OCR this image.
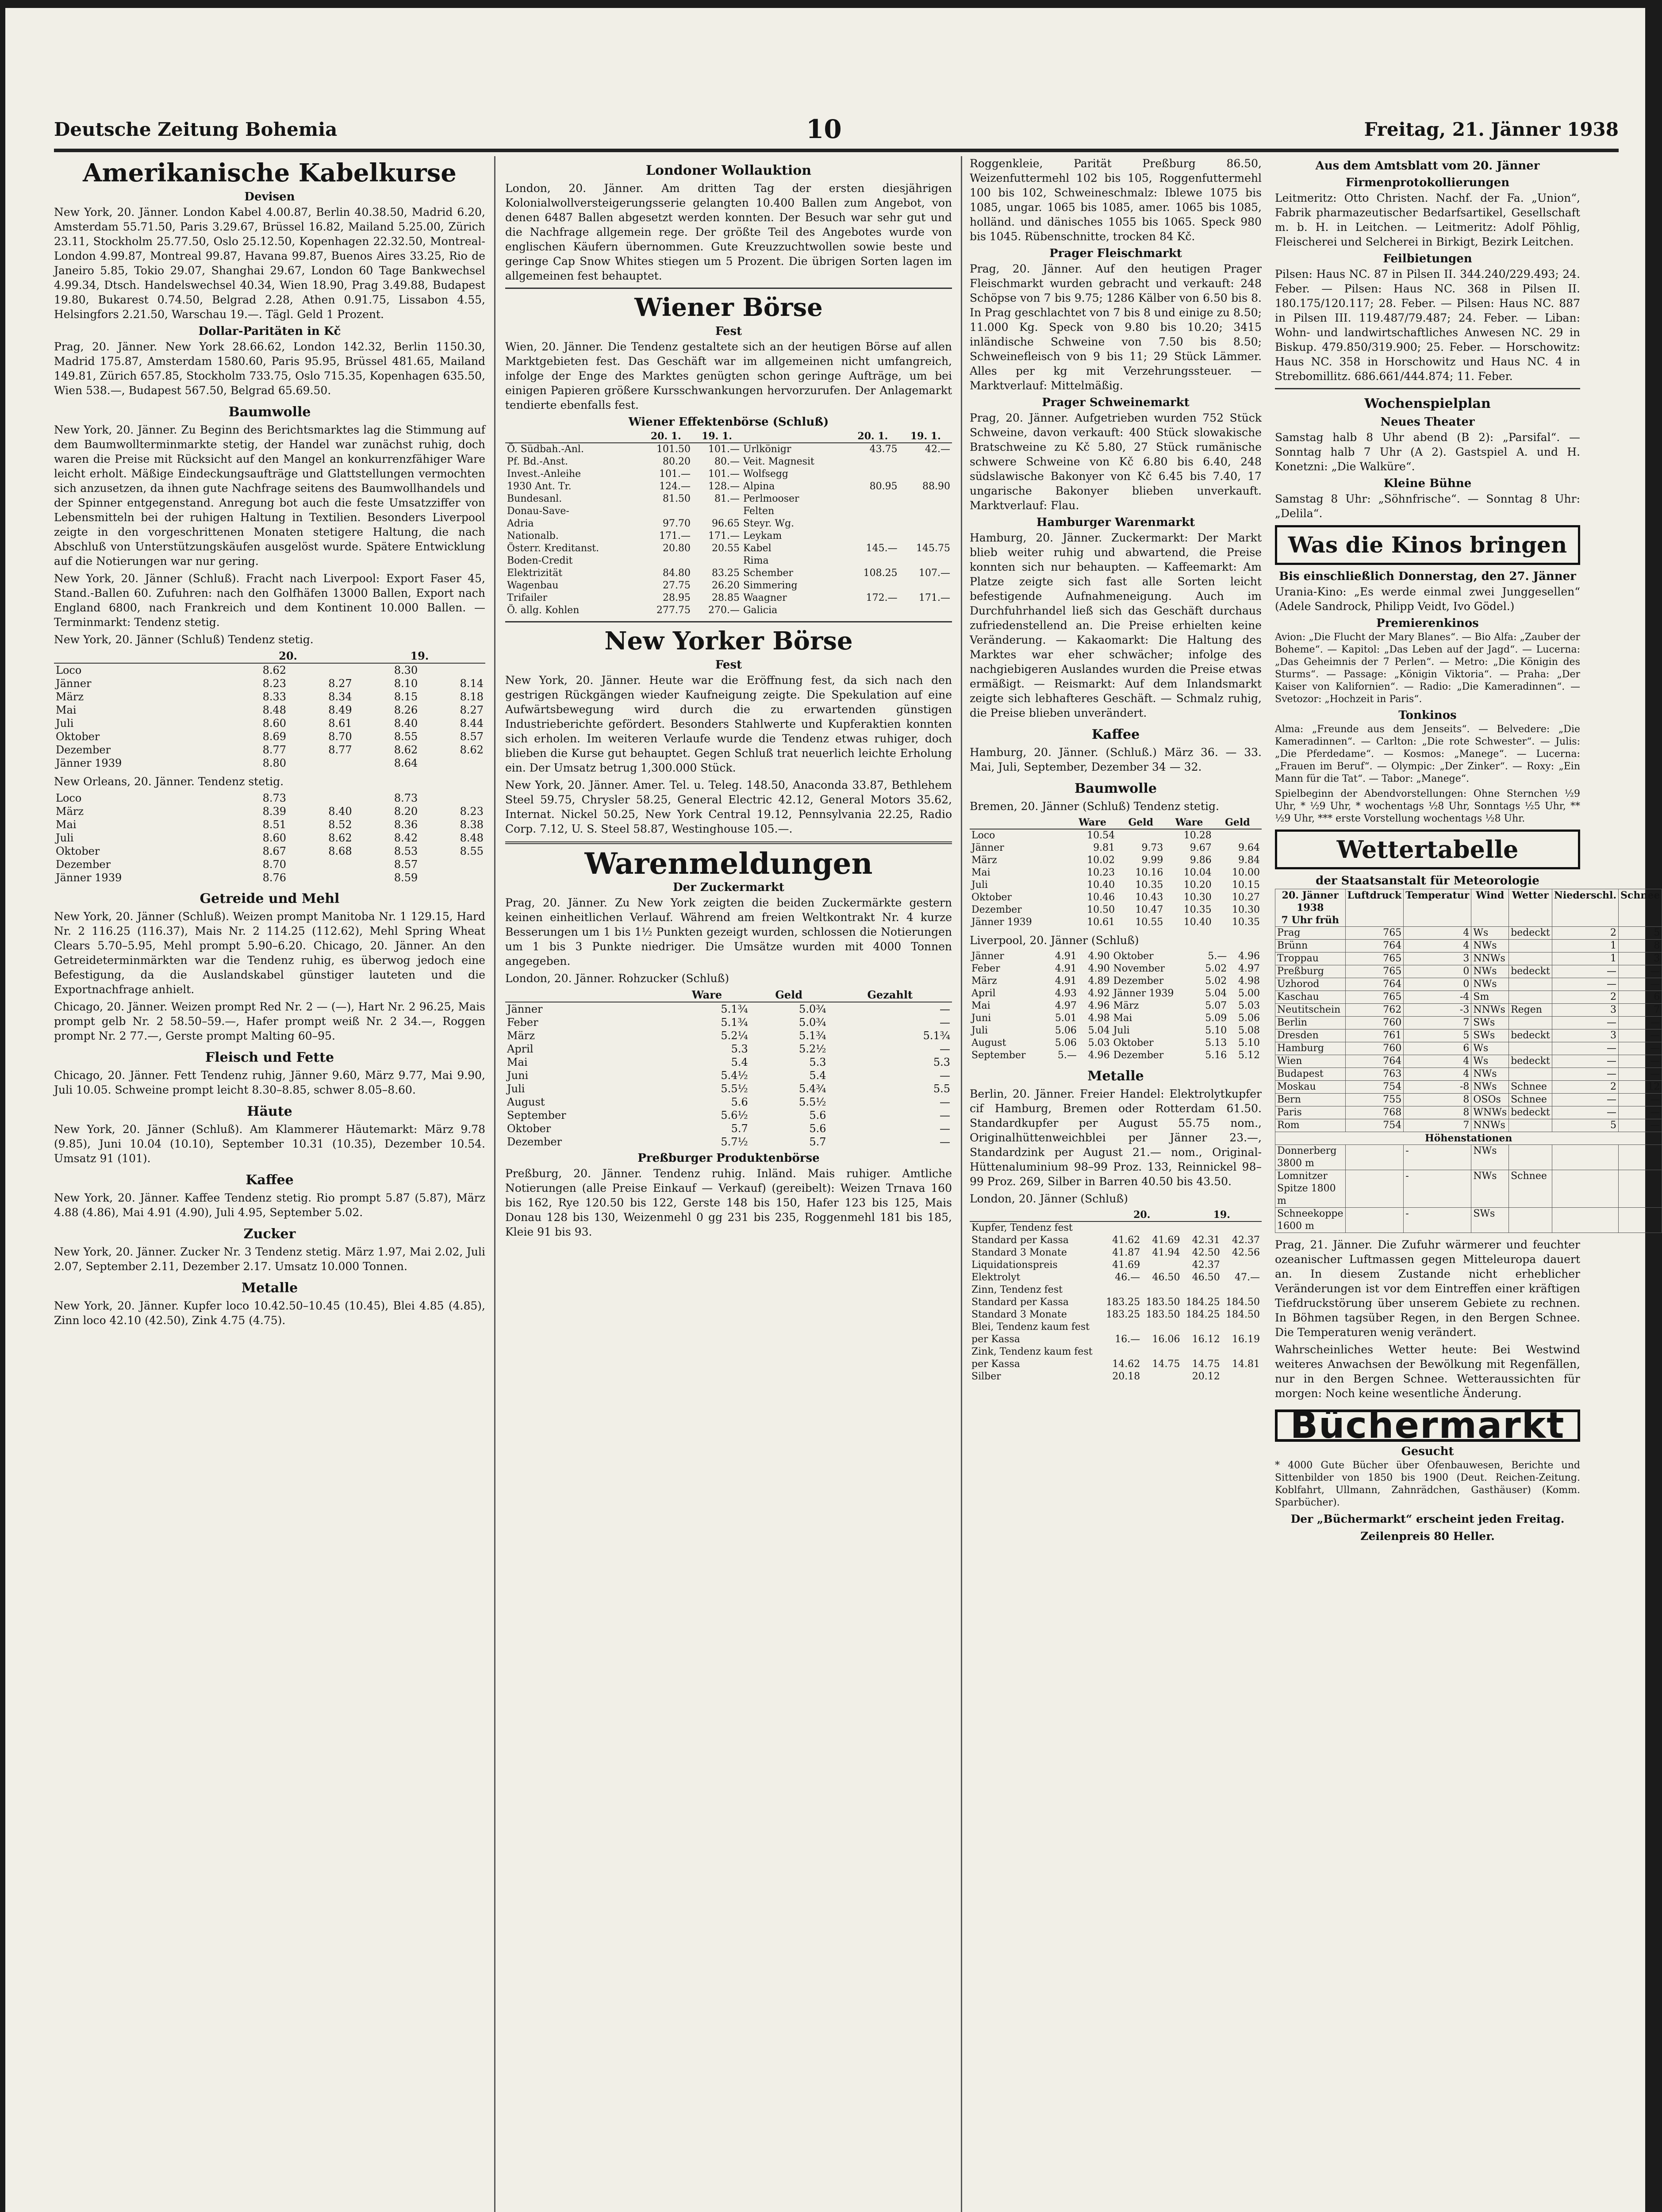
Deutsche Zeitung Bohemia	10	Freitag, 21. Jänner 1938
Amerikanische Kabelkurse
Devisen

New York, 20. Jänner. London Kabel 4.00.87, Berlin 40.38.50, Madrid 6.20, Amsterdam 55.71.50, Paris 3.29.67, Brüssel 16.82, Mailand 5.25.00, Zürich 23.11, Stockholm 25.77.50, Oslo 25.12.50, Kopenhagen 22.32.50, Montreal-London 4.99.87, Montreal 99.87, Havana 99.87, Buenos Aires 33.25, Rio de Janeiro 5.85, Tokio 29.07, Shanghai 29.67, London 60 Tage Bankwechsel 4.99.34, Dtsch. Handelswechsel 40.34, Wien 18.90, Prag 3.49.88, Budapest 19.80, Bukarest 0.74.50, Belgrad 2.28, Athen 0.91.75, Lissabon 4.55, Helsingfors 2.21.50, Warschau 19.—. Tägl. Geld 1 Prozent.

Dollar-Paritäten in Kč

Prag, 20. Jänner. New York 28.66.62, London 142.32, Berlin 1150.30, Madrid 175.87, Amsterdam 1580.60, Paris 95.95, Brüssel 481.65, Mailand 149.81, Zürich 657.85, Stockholm 733.75, Oslo 715.35, Kopenhagen 635.50, Wien 538.—, Budapest 567.50, Belgrad 65.69.50.

Baumwolle

New York, 20. Jänner. Zu Beginn des Berichtsmarktes lag die Stimmung auf dem Baumwollterminmarkte stetig, der Handel war zunächst ruhig, doch waren die Preise mit Rücksicht auf den Mangel an konkurrenzfähiger Ware leicht erholt. Mäßige Eindeckungsaufträge und Glattstellungen vermochten sich anzusetzen, da ihnen gute Nachfrage seitens des Baumwollhandels und der Spinner entgegenstand. Anregung bot auch die feste Umsatzziffer von Lebensmitteln bei der ruhigen Haltung in Textilien. Besonders Liverpool zeigte in den vorgeschrittenen Monaten stetigere Haltung, die nach Abschluß von Unterstützungskäufen ausgelöst wurde. Spätere Entwicklung auf die Notierungen war nur gering.

New York, 20. Jänner (Schluß). Fracht nach Liverpool: Export Faser 45, Stand.-Ballen 60. Zufuhren: nach den Golfhäfen 13000 Ballen, Export nach England 6800, nach Frankreich und dem Kontinent 10.000 Ballen. — Terminmarkt: Tendenz stetig.

New York, 20. Jänner (Schluß) Tendenz stetig.

	20.		19.	
Loco	8.62		8.30	
Jänner	8.23	8.27	8.10	8.14
März	8.33	8.34	8.15	8.18
Mai	8.48	8.49	8.26	8.27
Juli	8.60	8.61	8.40	8.44
Oktober	8.69	8.70	8.55	8.57
Dezember	8.77	8.77	8.62	8.62
Jänner 1939	8.80		8.64	

New Orleans, 20. Jänner. Tendenz stetig.

Loco	8.73		8.73	
März	8.39	8.40	8.20	8.23
Mai	8.51	8.52	8.36	8.38
Juli	8.60	8.62	8.42	8.48
Oktober	8.67	8.68	8.53	8.55
Dezember	8.70		8.57	
Jänner 1939	8.76		8.59	
Getreide und Mehl

New York, 20. Jänner (Schluß). Weizen prompt Manitoba Nr. 1 129.15, Hard Nr. 2 116.25 (116.37), Mais Nr. 2 114.25 (112.62), Mehl Spring Wheat Clears 5.70–5.95, Mehl prompt 5.90–6.20. Chicago, 20. Jänner. An den Getreideterminmärkten war die Tendenz ruhig, es überwog jedoch eine Befestigung, da die Auslandskabel günstiger lauteten und die Exportnachfrage anhielt.

Chicago, 20. Jänner. Weizen prompt Red Nr. 2 — (—), Hart Nr. 2 96.25, Mais prompt gelb Nr. 2 58.50–59.—, Hafer prompt weiß Nr. 2 34.—, Roggen prompt Nr. 2 77.—, Gerste prompt Malting 60–95.

Fleisch und Fette

Chicago, 20. Jänner. Fett Tendenz ruhig, Jänner 9.60, März 9.77, Mai 9.90, Juli 10.05. Schweine prompt leicht 8.30–8.85, schwer 8.05–8.60.

Häute

New York, 20. Jänner (Schluß). Am Klammerer Häutemarkt: März 9.78 (9.85), Juni 10.04 (10.10), September 10.31 (10.35), Dezember 10.54. Umsatz 91 (101).

Kaffee

New York, 20. Jänner. Kaffee Tendenz stetig. Rio prompt 5.87 (5.87), März 4.88 (4.86), Mai 4.91 (4.90), Juli 4.95, September 5.02.

Zucker

New York, 20. Jänner. Zucker Nr. 3 Tendenz stetig. März 1.97, Mai 2.02, Juli 2.07, September 2.11, Dezember 2.17. Umsatz 10.000 Tonnen.

Metalle

New York, 20. Jänner. Kupfer loco 10.42.50–10.45 (10.45), Blei 4.85 (4.85), Zinn loco 42.10 (42.50), Zink 4.75 (4.75).

Londoner Wollauktion

London, 20. Jänner. Am dritten Tag der ersten diesjährigen Kolonialwollversteigerungsserie gelangten 10.400 Ballen zum Angebot, von denen 6487 Ballen abgesetzt werden konnten. Der Besuch war sehr gut und die Nachfrage allgemein rege. Der größte Teil des Angebotes wurde von englischen Käufern übernommen. Gute Kreuzzuchtwollen sowie beste und geringe Cap Snow Whites stiegen um 5 Prozent. Die übrigen Sorten lagen im allgemeinen fest behauptet.

Wiener Börse
Fest

Wien, 20. Jänner. Die Tendenz gestaltete sich an der heutigen Börse auf allen Marktgebieten fest. Das Geschäft war im allgemeinen nicht umfangreich, infolge der Enge des Marktes genügten schon geringe Aufträge, um bei einigen Papieren größere Kursschwankungen hervorzurufen. Der Anlagemarkt tendierte ebenfalls fest.

Wiener Effektenbörse (Schluß)
	20. 1.	19. 1.		20. 1.	19. 1.
Ö. Südbah.-Anl.	101.50	101.—	Urlkönigr	43.75	42.—
Pf. Bd.-Anst.	80.20	80.—	Veit. Magnesit		
Invest.-Anleihe	101.—	101.—	Wolfsegg		
1930 Ant. Tr.	124.—	128.—	Alpina	80.95	88.90
Bundesanl.	81.50	81.—	Perlmooser		
Donau-Save-			Felten		
Adria	97.70	96.65	Steyr. Wg.		
Nationalb.	171.—	171.—	Leykam		
Österr. Kreditanst.	20.80	20.55	Kabel	145.—	145.75
Boden-Credit			Rima		
Elektrizität	84.80	83.25	Schember	108.25	107.—
Wagenbau	27.75	26.20	Simmering		
Trifailer	28.95	28.85	Waagner	172.—	171.—
Ö. allg. Kohlen	277.75	270.—	Galicia		
New Yorker Börse
Fest

New York, 20. Jänner. Heute war die Eröffnung fest, da sich nach den gestrigen Rückgängen wieder Kaufneigung zeigte. Die Spekulation auf eine Aufwärtsbewegung wird durch die zu erwartenden günstigen Industrieberichte gefördert. Besonders Stahlwerte und Kupferaktien konnten sich erholen. Im weiteren Verlaufe wurde die Tendenz etwas ruhiger, doch blieben die Kurse gut behauptet. Gegen Schluß trat neuerlich leichte Erholung ein. Der Umsatz betrug 1,300.000 Stück.

New York, 20. Jänner. Amer. Tel. u. Teleg. 148.50, Anaconda 33.87, Bethlehem Steel 59.75, Chrysler 58.25, General Electric 42.12, General Motors 35.62, Internat. Nickel 50.25, New York Central 19.12, Pennsylvania 22.25, Radio Corp. 7.12, U. S. Steel 58.87, Westinghouse 105.—.

Warenmeldungen
Der Zuckermarkt

Prag, 20. Jänner. Zu New York zeigten die beiden Zuckermärkte gestern keinen einheitlichen Verlauf. Während am freien Weltkontrakt Nr. 4 kurze Besserungen um 1 bis 1½ Punkten gezeigt wurden, schlossen die Notierungen um 1 bis 3 Punkte niedriger. Die Umsätze wurden mit 4000 Tonnen angegeben.

London, 20. Jänner. Rohzucker (Schluß)

	Ware	Geld	Gezahlt
Jänner	5.1¾	5.0¾	—
Feber	5.1¾	5.0¾	—
März	5.2¼	5.1¾	5.1¾
April	5.3	5.2½	—
Mai	5.4	5.3	5.3
Juni	5.4½	5.4	—
Juli	5.5½	5.4¾	5.5
August	5.6	5.5½	—
September	5.6½	5.6	—
Oktober	5.7	5.6	—
Dezember	5.7½	5.7	—
Preßburger Produktenbörse

Preßburg, 20. Jänner. Tendenz ruhig. Inländ. Mais ruhiger. Amtliche Notierungen (alle Preise Einkauf — Verkauf) (gereibelt): Weizen Trnava 160 bis 162, Rye 120.50 bis 122, Gerste 148 bis 150, Hafer 123 bis 125, Mais Donau 128 bis 130, Weizenmehl 0 gg 231 bis 235, Roggenmehl 181 bis 185, Kleie 91 bis 93.

Roggenkleie, Parität Preßburg 86.50, Weizenfuttermehl 102 bis 105, Roggenfuttermehl 100 bis 102, Schweineschmalz: Iblewe 1075 bis 1085, ungar. 1065 bis 1085, amer. 1065 bis 1085, holländ. und dänisches 1055 bis 1065. Speck 980 bis 1045. Rübenschnitte, trocken 84 Kč.

Prager Fleischmarkt

Prag, 20. Jänner. Auf den heutigen Prager Fleischmarkt wurden gebracht und verkauft: 248 Schöpse von 7 bis 9.75; 1286 Kälber von 6.50 bis 8. In Prag geschlachtet von 7 bis 8 und einige zu 8.50; 11.000 Kg. Speck von 9.80 bis 10.20; 3415 inländische Schweine von 7.50 bis 8.50; Schweinefleisch von 9 bis 11; 29 Stück Lämmer. Alles per kg mit Verzehrungssteuer. — Marktverlauf: Mittelmäßig.

Prager Schweinemarkt

Prag, 20. Jänner. Aufgetrieben wurden 752 Stück Schweine, davon verkauft: 400 Stück slowakische Bratschweine zu Kč 5.80, 27 Stück rumänische schwere Schweine von Kč 6.80 bis 6.40, 248 südslawische Bakonyer von Kč 6.45 bis 7.40, 17 ungarische Bakonyer blieben unverkauft. Marktverlauf: Flau.

Hamburger Warenmarkt

Hamburg, 20. Jänner. Zuckermarkt: Der Markt blieb weiter ruhig und abwartend, die Preise konnten sich nur behaupten. — Kaffeemarkt: Am Platze zeigte sich fast alle Sorten leicht befestigende Aufnahmeneigung. Auch im Durchfuhrhandel ließ sich das Geschäft durchaus zufriedenstellend an. Die Preise erhielten keine Veränderung. — Kakaomarkt: Die Haltung des Marktes war eher schwächer; infolge des nachgiebigeren Auslandes wurden die Preise etwas ermäßigt. — Reismarkt: Auf dem Inlandsmarkt zeigte sich lebhafteres Geschäft. — Schmalz ruhig, die Preise blieben unverändert.

Kaffee

Hamburg, 20. Jänner. (Schluß.) März 36. — 33. Mai, Juli, September, Dezember 34 — 32.

Baumwolle

Bremen, 20. Jänner (Schluß) Tendenz stetig.

	Ware	Geld	Ware	Geld
Loco	10.54		10.28	
Jänner	9.81	9.73	9.67	9.64
März	10.02	9.99	9.86	9.84
Mai	10.23	10.16	10.04	10.00
Juli	10.40	10.35	10.20	10.15
Oktober	10.46	10.43	10.30	10.27
Dezember	10.50	10.47	10.35	10.30
Jänner 1939	10.61	10.55	10.40	10.35

Liverpool, 20. Jänner (Schluß)

Jänner	4.91	4.90	Oktober	5.—	4.96
Feber	4.91	4.90	November	5.02	4.97
März	4.91	4.89	Dezember	5.02	4.98
April	4.93	4.92	Jänner 1939	5.04	5.00
Mai	4.97	4.96	März	5.07	5.03
Juni	5.01	4.98	Mai	5.09	5.06
Juli	5.06	5.04	Juli	5.10	5.08
August	5.06	5.03	Oktober	5.13	5.10
September	5.—	4.96	Dezember	5.16	5.12
Metalle

Berlin, 20. Jänner. Freier Handel: Elektrolytkupfer cif Hamburg, Bremen oder Rotterdam 61.50. Standardkupfer per August 55.75 nom., Originalhüttenweichblei per Jänner 23.—, Standardzink per August 21.— nom., Original-Hüttenaluminium 98–99 Proz. 133, Reinnickel 98–99 Proz. 269, Silber in Barren 40.50 bis 43.50.

London, 20. Jänner (Schluß)

	20.		19.	
Kupfer, Tendenz fest				
Standard per Kassa	41.62	41.69	42.31	42.37
Standard 3 Monate	41.87	41.94	42.50	42.56
Liquidationspreis	41.69		42.37	
Elektrolyt	46.—	46.50	46.50	47.—
Zinn, Tendenz fest				
Standard per Kassa	183.25	183.50	184.25	184.50
Standard 3 Monate	183.25	183.50	184.25	184.50
Blei, Tendenz kaum fest				
per Kassa	16.—	16.06	16.12	16.19
Zink, Tendenz kaum fest				
per Kassa	14.62	14.75	14.75	14.81
Silber	20.18		20.12	
Aus dem Amtsblatt vom 20. Jänner
Firmenprotokollierungen

Leitmeritz: Otto Christen. Nachf. der Fa. „Union“, Fabrik pharmazeutischer Bedarfsartikel, Gesellschaft m. b. H. in Leitchen. — Leitmeritz: Adolf Pöhlig, Fleischerei und Selcherei in Birkigt, Bezirk Leitchen.

Feilbietungen

Pilsen: Haus NC. 87 in Pilsen II. 344.240/229.493; 24. Feber. — Pilsen: Haus NC. 368 in Pilsen II. 180.175/120.117; 28. Feber. — Pilsen: Haus NC. 887 in Pilsen III. 119.487/79.487; 24. Feber. — Liban: Wohn- und landwirtschaftliches Anwesen NC. 29 in Biskup. 479.850/319.900; 25. Feber. — Horschowitz: Haus NC. 358 in Horschowitz und Haus NC. 4 in Strebomillitz. 686.661/444.874; 11. Feber.

Wochenspielplan
Neues Theater

Samstag halb 8 Uhr abend (B 2): „Parsifal“. — Sonntag halb 7 Uhr (A 2). Gastspiel A. und H. Konetzni: „Die Walküre“.

Kleine Bühne

Samstag 8 Uhr: „Söhnfrische“. — Sonntag 8 Uhr: „Delila“.

Was die Kinos bringen
Bis einschließlich Donnerstag, den 27. Jänner

Urania-Kino: „Es werde einmal zwei Junggesellen“ (Adele Sandrock, Philipp Veidt, Ivo Gödel.)

Premierenkinos

Avion: „Die Flucht der Mary Blanes“. — Bio Alfa: „Zauber der Boheme“. — Kapitol: „Das Leben auf der Jagd“. — Lucerna: „Das Geheimnis der 7 Perlen“. — Metro: „Die Königin des Sturms“. — Passage: „Königin Viktoria“. — Praha: „Der Kaiser von Kalifornien“. — Radio: „Die Kameradinnen“. — Svetozor: „Hochzeit in Paris“.

Tonkinos

Alma: „Freunde aus dem Jenseits“. — Belvedere: „Die Kameradinnen“. — Carlton: „Die rote Schwester“. — Julis: „Die Pferdedame“. — Kosmos: „Manege“. — Lucerna: „Frauen im Beruf“. — Olympic: „Der Zinker“. — Roxy: „Ein Mann für die Tat“. — Tabor: „Manege“.

Spielbeginn der Abendvorstellungen: Ohne Sternchen ½9 Uhr, * ½9 Uhr, * wochentags ½8 Uhr, Sonntags ½5 Uhr, ** ½9 Uhr, *** erste Vorstellung wochentags ½8 Uhr.

Wettertabelle
der Staatsanstalt für Meteorologie
20. Jänner 1938
7 Uhr früh	Luftdruck	Temperatur	Wind	Wetter	Niederschl.	Schnee
Prag	765	4	Ws	bedeckt	2	5
Brünn	764	4	NWs		1	8
Troppau	765	3	NNWs		1	3
Preßburg	765	0	NWs	bedeckt	—	—
Uzhorod	764	0	NWs		—	—
Kaschau	765	-4	Sm		2	6
Neutitschein	762	-3	NNWs	Regen	3	7
Berlin	760	7	SWs		—	—
Dresden	761	5	SWs	bedeckt	3	—
Hamburg	760	6	Ws		—	—
Wien	764	4	Ws	bedeckt	—	—
Budapest	763	4	NWs		—	—
Moskau	754	-8	NWs	Schnee	2	12
Bern	755	8	OSOs	Schnee	—	—
Paris	768	8	WNWs	bedeckt	—	—
Rom	754	7	NNWs		5	—
Höhenstationen						
Donnerberg 3800 m		-	NWs			
Lomnitzer Spitze 1800 m		-	NWs	Schnee		
Schneekoppe 1600 m		-	SWs			

Prag, 21. Jänner. Die Zufuhr wärmerer und feuchter ozeanischer Luftmassen gegen Mitteleuropa dauert an. In diesem Zustande nicht erheblicher Veränderungen ist vor dem Eintreffen einer kräftigen Tiefdruckstörung über unserem Gebiete zu rechnen. In Böhmen tagsüber Regen, in den Bergen Schnee. Die Temperaturen wenig verändert.

Wahrscheinliches Wetter heute: Bei Westwind weiteres Anwachsen der Bewölkung mit Regenfällen, nur in den Bergen Schnee. Wetteraussichten für morgen: Noch keine wesentliche Änderung.

Büchermarkt
Gesucht

* 4000 Gute Bücher über Ofenbauwesen, Berichte und Sittenbilder von 1850 bis 1900 (Deut. Reichen-Zeitung. Koblfahrt, Ullmann, Zahnrädchen, Gasthäuser) (Komm. Sparbücher).

Der „Büchermarkt“ erscheint jeden Freitag.

Zeilenpreis 80 Heller.
